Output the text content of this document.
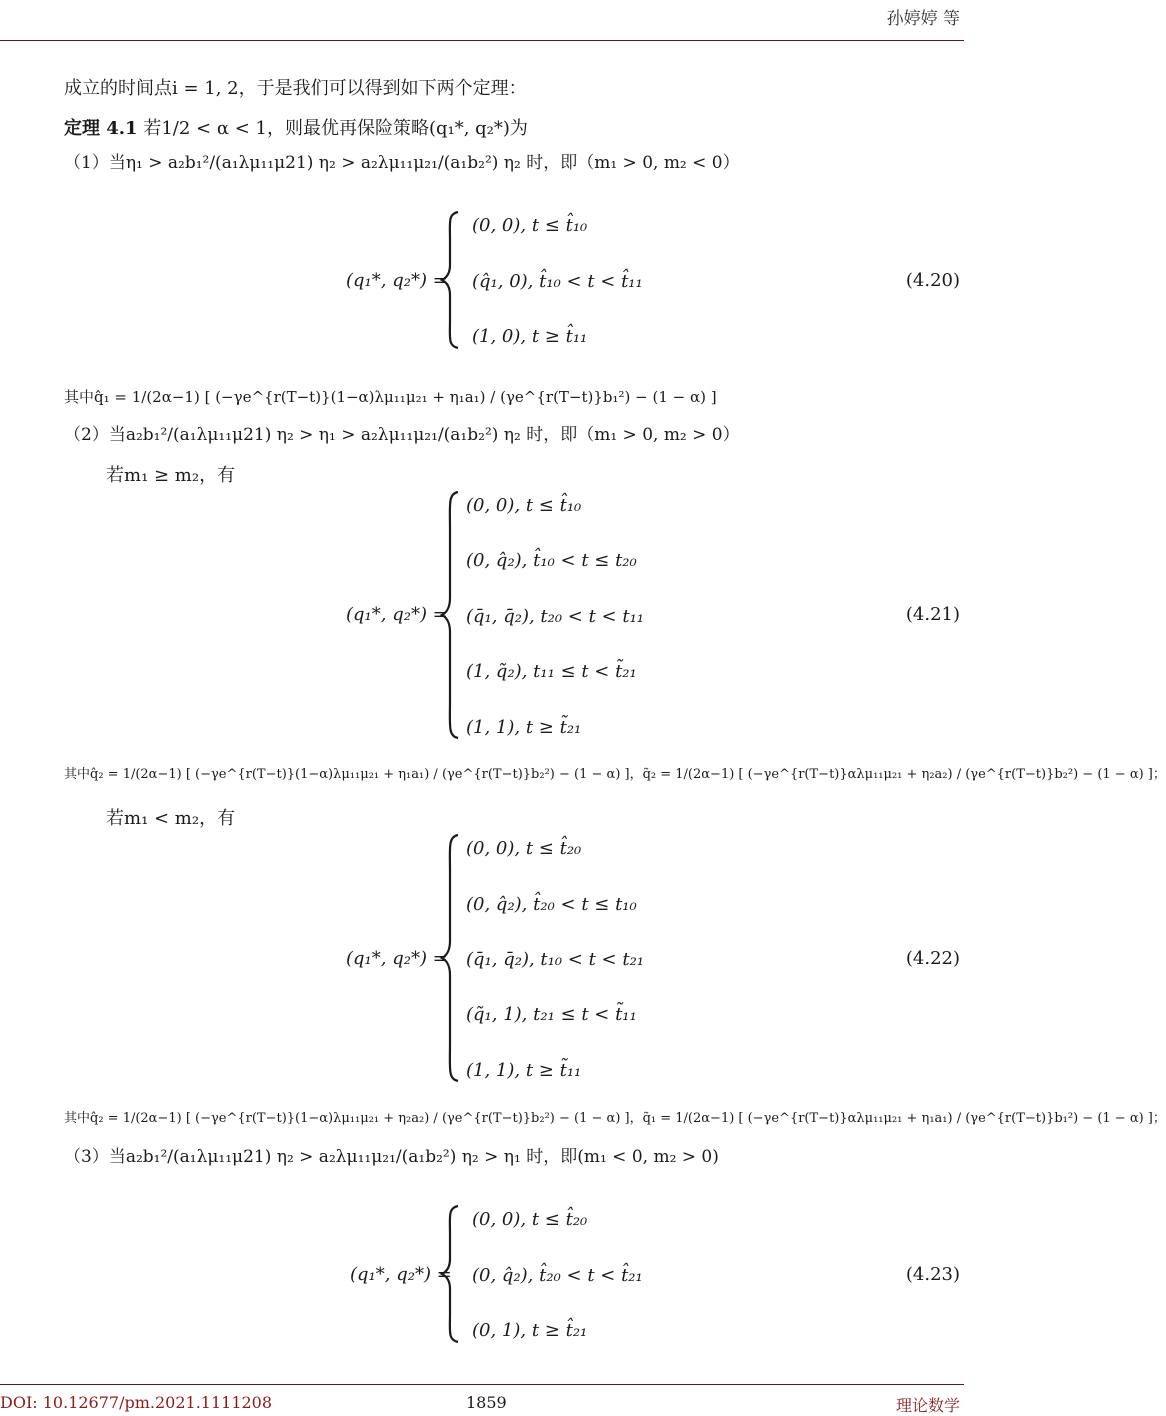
孙婷婷 等
成立的时间点i = 1, 2，于是我们可以得到如下两个定理：
定理 4.1 若1/2 < α < 1，则最优再保险策略(q₁*, q₂*)为
（1）当η₁ > a₂b₁²/(a₁λμ₁₁μ21) η₂ > a₂λμ₁₁μ₂₁/(a₁b₂²) η₂ 时，即（m₁ > 0, m₂ < 0）
(q₁*, q₂*) =
(0, 0), t ≤ t̂₁₀
(q̂₁, 0), t̂₁₀ < t < t̂₁₁
(1, 0), t ≥ t̂₁₁
(4.20)
其中q̂₁ = 1/(2α−1) [ (−γe^{r(T−t)}(1−α)λμ₁₁μ₂₁ + η₁a₁) / (γe^{r(T−t)}b₁²) − (1 − α) ]
（2）当a₂b₁²/(a₁λμ₁₁μ21) η₂ > η₁ > a₂λμ₁₁μ₂₁/(a₁b₂²) η₂ 时，即（m₁ > 0, m₂ > 0）
若m₁ ≥ m₂，有
(q₁*, q₂*) =
(0, 0), t ≤ t̂₁₀
(0, q̂₂), t̂₁₀ < t ≤ t₂₀
(q̄₁, q̄₂), t₂₀ < t < t₁₁
(1, q̃₂), t₁₁ ≤ t < t̃₂₁
(1, 1), t ≥ t̃₂₁
(4.21)
其中q̂₂ = 1/(2α−1) [ (−γe^{r(T−t)}(1−α)λμ₁₁μ₂₁ + η₁a₁) / (γe^{r(T−t)}b₂²) − (1 − α) ]，q̃₂ = 1/(2α−1) [ (−γe^{r(T−t)}αλμ₁₁μ₂₁ + η₂a₂) / (γe^{r(T−t)}b₂²) − (1 − α) ]；
若m₁ < m₂，有
(q₁*, q₂*) =
(0, 0), t ≤ t̂₂₀
(0, q̂₂), t̂₂₀ < t ≤ t₁₀
(q̄₁, q̄₂), t₁₀ < t < t₂₁
(q̃₁, 1), t₂₁ ≤ t < t̃₁₁
(1, 1), t ≥ t̃₁₁
(4.22)
其中q̂₂ = 1/(2α−1) [ (−γe^{r(T−t)}(1−α)λμ₁₁μ₂₁ + η₂a₂) / (γe^{r(T−t)}b₂²) − (1 − α) ]，q̃₁ = 1/(2α−1) [ (−γe^{r(T−t)}αλμ₁₁μ₂₁ + η₁a₁) / (γe^{r(T−t)}b₁²) − (1 − α) ]；
（3）当a₂b₁²/(a₁λμ₁₁μ21) η₂ > a₂λμ₁₁μ₂₁/(a₁b₂²) η₂ > η₁ 时，即(m₁ < 0, m₂ > 0)
(q₁*, q₂*) =
(0, 0), t ≤ t̂₂₀
(0, q̂₂), t̂₂₀ < t < t̂₂₁
(0, 1), t ≥ t̂₂₁
(4.23)
DOI: 10.12677/pm.2021.1111208	1859	理论数学
